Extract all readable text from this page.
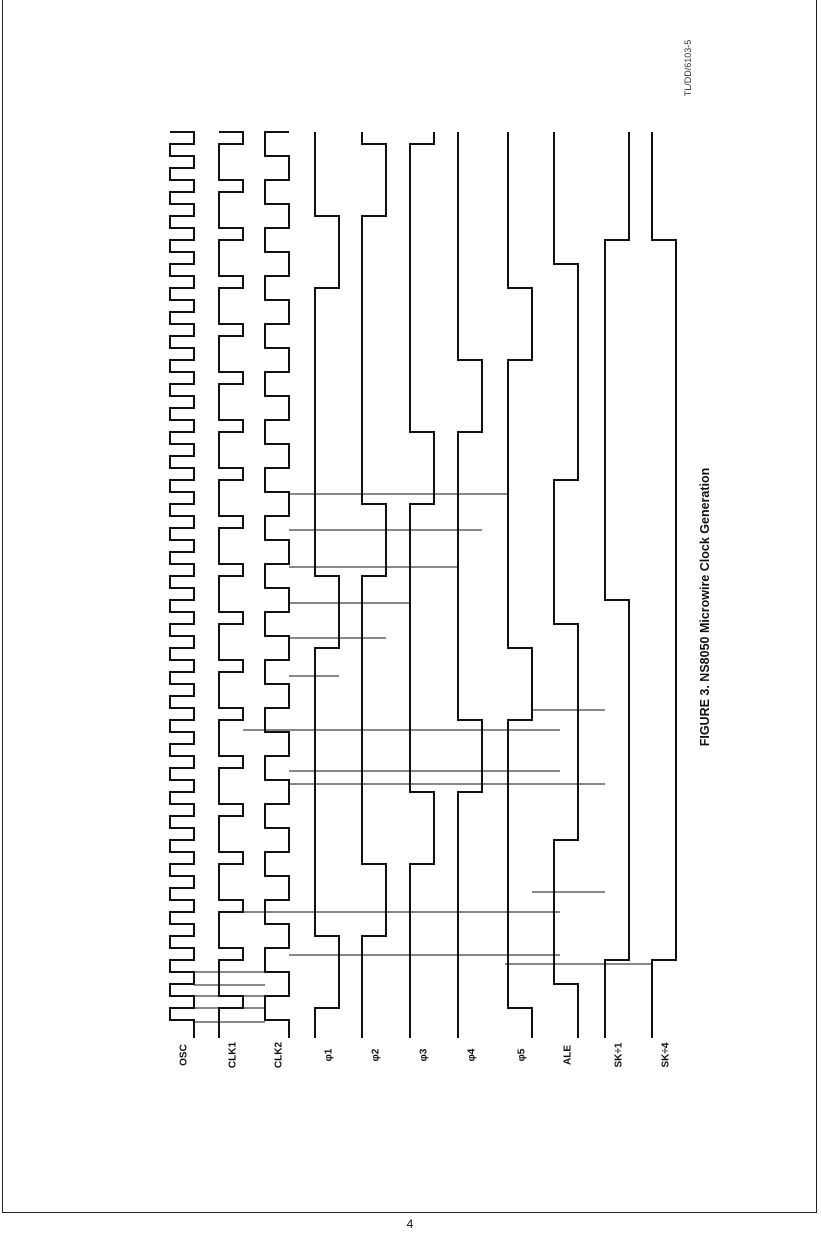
TL/DD/6103-5
OSC	CLK1	CLK2	φ1	φ2	φ3	φ4	φ5	ALE	SK÷1	SK÷4
FIGURE 3. NS8050 Microwire Clock Generation
4
